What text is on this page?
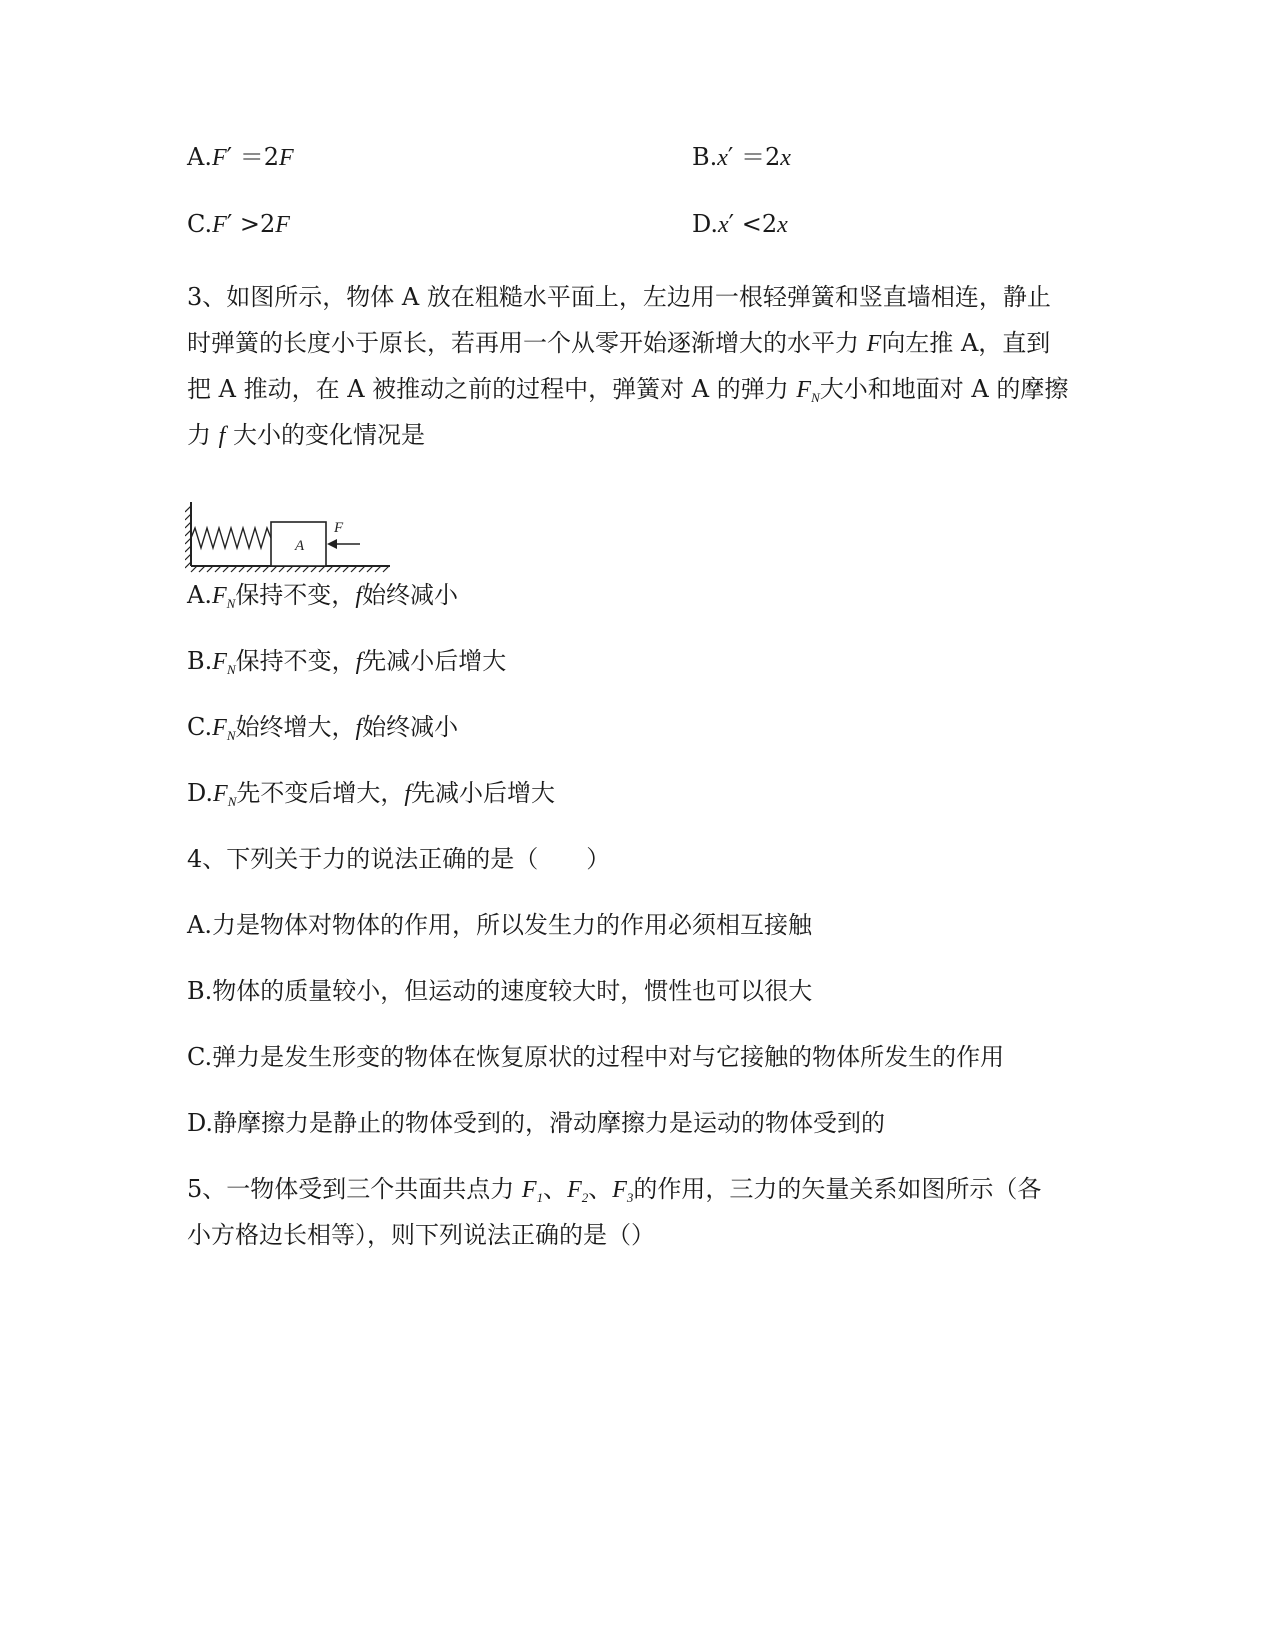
A.F′ ＝2F	B.x′ ＝2x
C.F′ >2F	D.x′ <2x
3、如图所示，物体 A 放在粗糙水平面上，左边用一根轻弹簧和竖直墙相连，静止
时弹簧的长度小于原长，若再用一个从零开始逐渐增大的水平力 F向左推 A，直到
把 A 推动，在 A 被推动之前的过程中，弹簧对 A 的弹力 $F_N$大小和地面对 A 的摩擦
力 f 大小的变化情况是
A
F
$A.F_N$保持不变，f始终减小
$B.F_N$保持不变，f先减小后增大
$C.F_N$始终增大，f始终减小
$D.F_N$先不变后增大，f先减小后增大
4、下列关于力的说法正确的是（　　）
A.力是物体对物体的作用，所以发生力的作用必须相互接触
B.物体的质量较小，但运动的速度较大时，惯性也可以很大
C.弹力是发生形变的物体在恢复原状的过程中对与它接触的物体所发生的作用
D.静摩擦力是静止的物体受到的，滑动摩擦力是运动的物体受到的
5、一物体受到三个共面共点力 $F_1$、$F_2$、$F_3$的作用，三力的矢量关系如图所示（各
小方格边长相等），则下列说法正确的是（）
